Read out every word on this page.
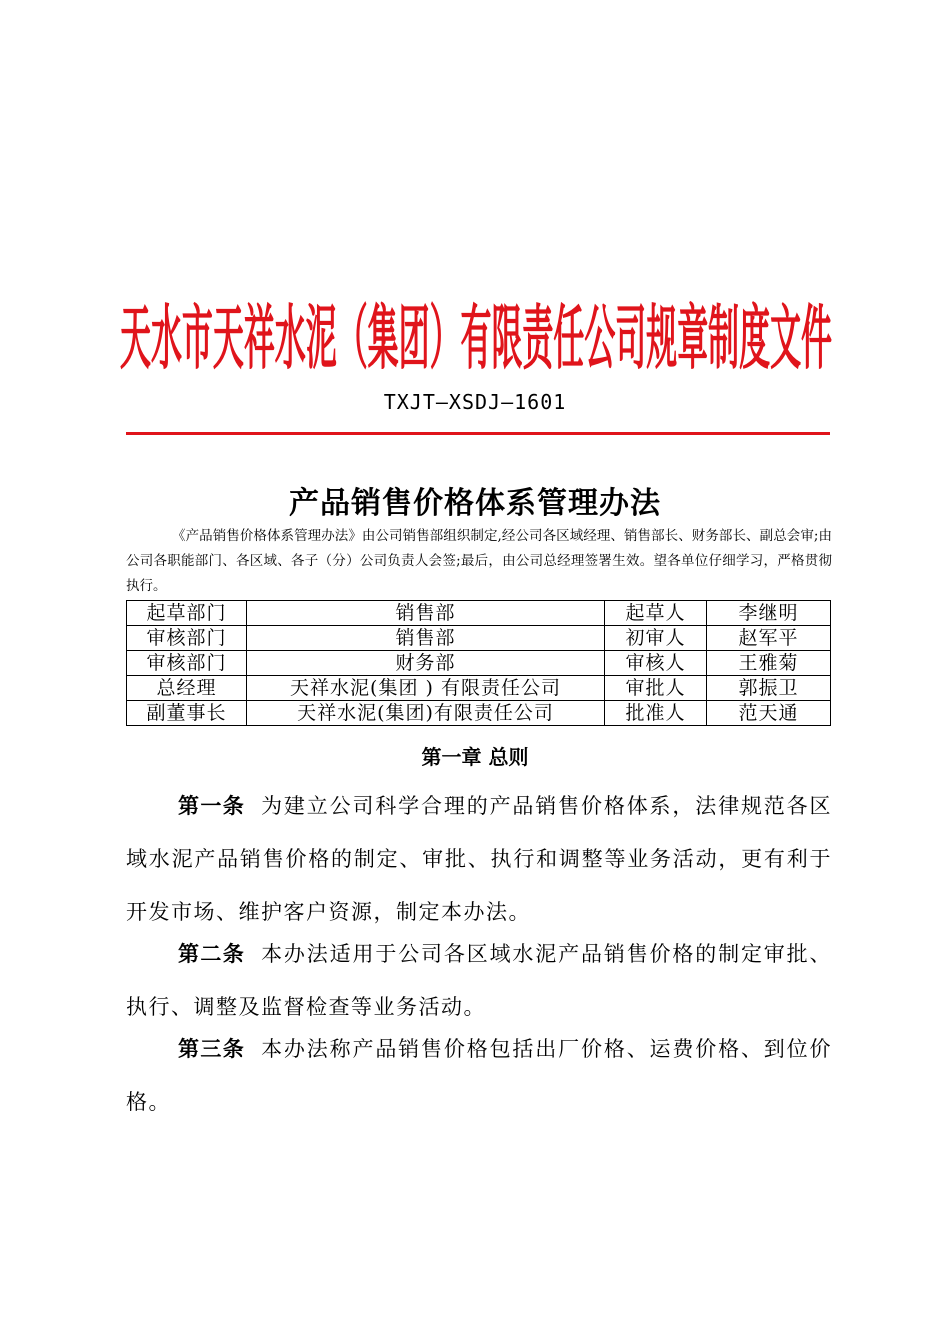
天水市天祥水泥（集团）有限责任公司规章制度文件
TXJT—XSDJ—1601
产品销售价格体系管理办法
《产品销售价格体系管理办法》由公司销售部组织制定,经公司各区域经理、销售部长、财务部长、副总会审;由公司各职能部门、各区域、各子（分）公司负责人会签;最后，由公司总经理签署生效。望各单位仔细学习，严格贯彻执行。
起草部门	销售部	起草人	李继明
审核部门	销售部	初审人	赵军平
审核部门	财务部	审核人	王雅菊
总经理	天祥水泥(集团 ) 有限责任公司	审批人	郭振卫
副董事长	天祥水泥(集团)有限责任公司	批准人	范天通
第一章 总则

第一条 为建立公司科学合理的产品销售价格体系，法律规范各区域水泥产品销售价格的制定、审批、执行和调整等业务活动，更有利于开发市场、维护客户资源，制定本办法。

第二条 本办法适用于公司各区域水泥产品销售价格的制定审批、执行、调整及监督检查等业务活动。

第三条 本办法称产品销售价格包括出厂价格、运费价格、到位价格。
